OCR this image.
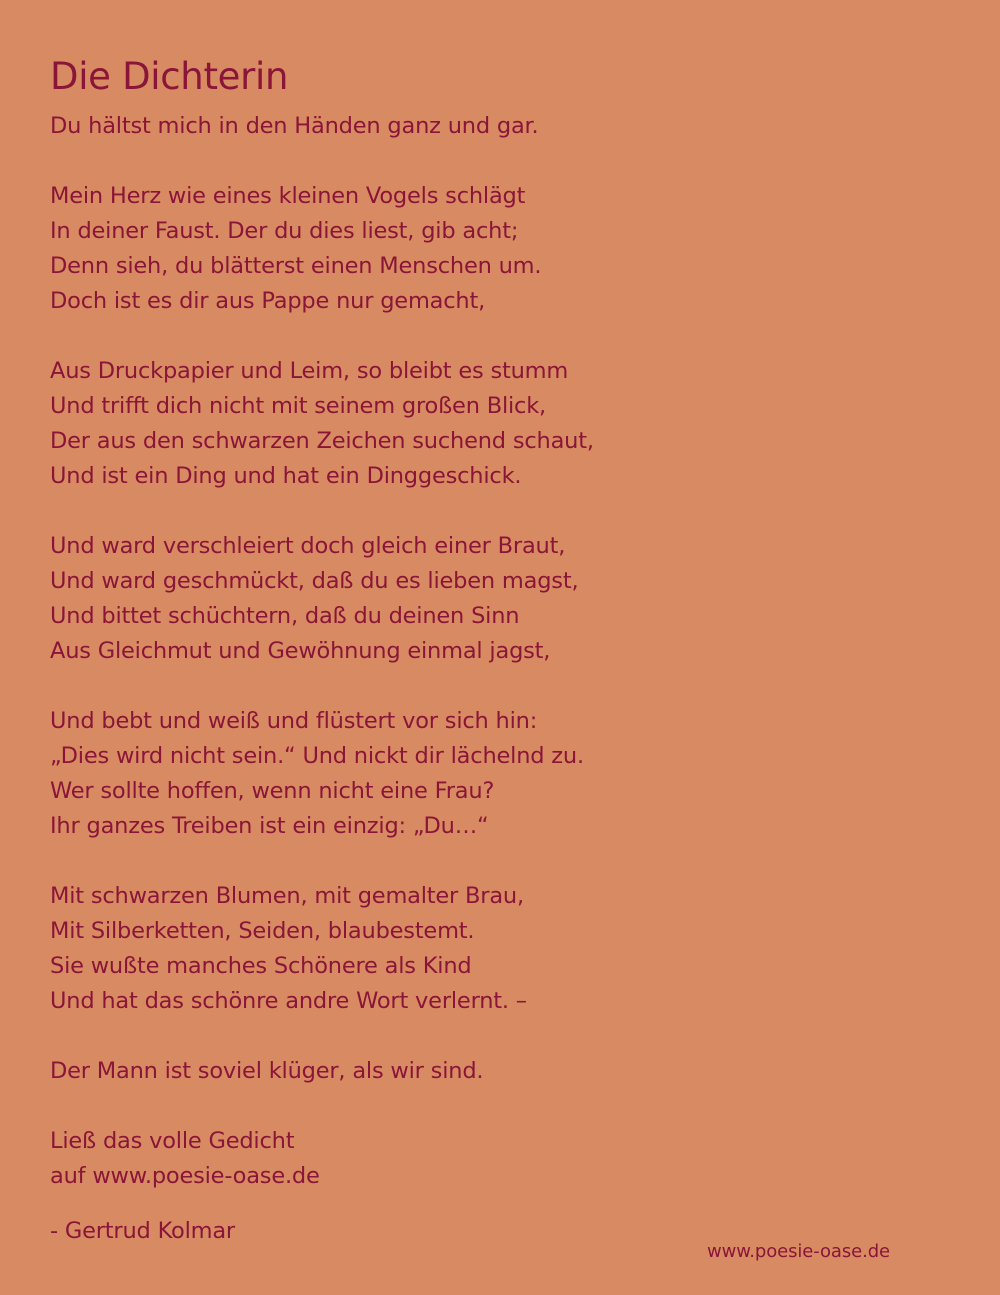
Die Dichterin
Du hältst mich in den Händen ganz und gar.
Mein Herz wie eines kleinen Vogels schlägt
In deiner Faust. Der du dies liest, gib acht;
Denn sieh, du blätterst einen Menschen um.
Doch ist es dir aus Pappe nur gemacht,
Aus Druckpapier und Leim, so bleibt es stumm
Und trifft dich nicht mit seinem großen Blick,
Der aus den schwarzen Zeichen suchend schaut,
Und ist ein Ding und hat ein Dinggeschick.
Und ward verschleiert doch gleich einer Braut,
Und ward geschmückt, daß du es lieben magst,
Und bittet schüchtern, daß du deinen Sinn
Aus Gleichmut und Gewöhnung einmal jagst,
Und bebt und weiß und flüstert vor sich hin:
„Dies wird nicht sein.“ Und nickt dir lächelnd zu.
Wer sollte hoffen, wenn nicht eine Frau?
Ihr ganzes Treiben ist ein einzig: „Du…“
Mit schwarzen Blumen, mit gemalter Brau,
Mit Silberketten, Seiden, blaubestemt.
Sie wußte manches Schönere als Kind
Und hat das schönre andre Wort verlernt. –
Der Mann ist soviel klüger, als wir sind.
Ließ das volle Gedicht
auf www.poesie-oase.de
- Gertrud Kolmar
www.poesie-oase.de
